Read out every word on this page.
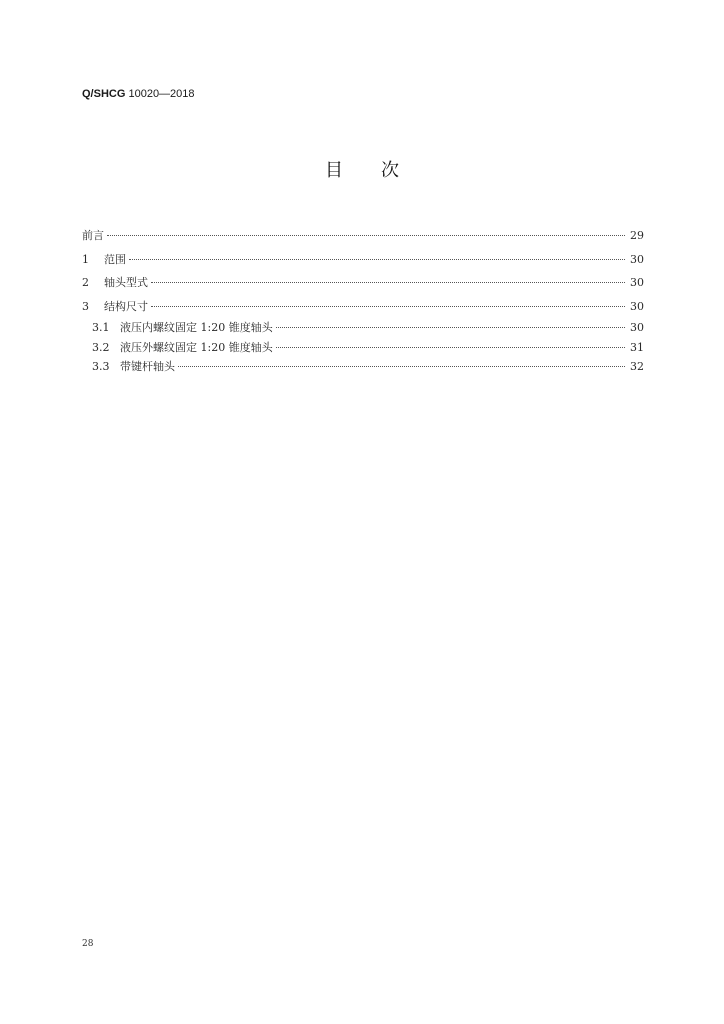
Q/SHCG 10020—2018
目 次
前言	29
1	范围	30
2	轴头型式	30
3	结构尺寸	30
3.1 液压内螺纹固定 1:20 锥度轴头	30
3.2 液压外螺纹固定 1:20 锥度轴头	31
3.3 带键杆轴头	32
28
